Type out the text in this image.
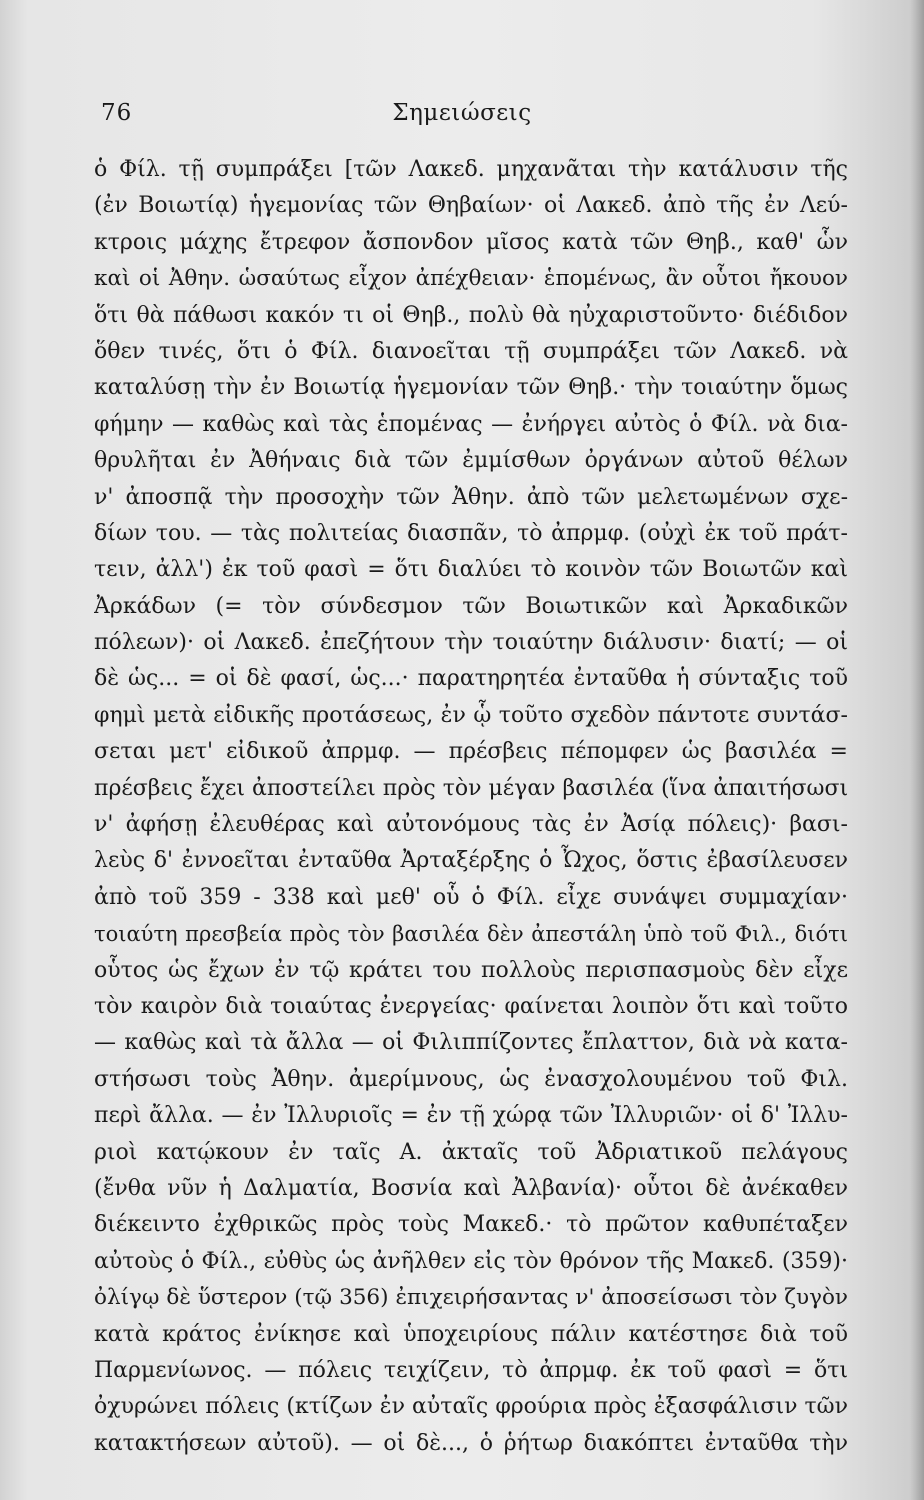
76	Σημειώσεις
ὁ Φίλ. τῇ συμπράξει [τῶν Λακεδ. μηχανᾶται τὴν κατάλυσιν τῆς
(ἐν Βοιωτίᾳ) ἡγεμονίας τῶν Θηβαίων· οἱ Λακεδ. ἀπὸ τῆς ἐν Λεύ-
κτροις μάχης ἔτρεφον ἄσπονδον μῖσος κατὰ τῶν Θηβ., καθ' ὧν
καὶ οἱ Ἀθην. ὡσαύτως εἶχον ἀπέχθειαν· ἑπομένως, ἂν οὗτοι ἤκουον
ὅτι θὰ πάθωσι κακόν τι οἱ Θηβ., πολὺ θὰ ηὐχαριστοῦντο· διέδιδον
ὅθεν τινές, ὅτι ὁ Φίλ. διανοεῖται τῇ συμπράξει τῶν Λακεδ. νὰ
καταλύσῃ τὴν ἐν Βοιωτίᾳ ἡγεμονίαν τῶν Θηβ.· τὴν τοιαύτην ὅμως
φήμην — καθὼς καὶ τὰς ἑπομένας — ἐνήργει αὐτὸς ὁ Φίλ. νὰ δια-
θρυλῆται ἐν Ἀθήναις διὰ τῶν ἐμμίσθων ὀργάνων αὐτοῦ θέλων
ν' ἀποσπᾷ τὴν προσοχὴν τῶν Ἀθην. ἀπὸ τῶν μελετωμένων σχε-
δίων του. — τὰς πολιτείας διασπᾶν, τὸ ἀπρμφ. (οὐχὶ ἐκ τοῦ πράτ-
τειν, ἀλλ') ἐκ τοῦ φασὶ = ὅτι διαλύει τὸ κοινὸν τῶν Βοιωτῶν καὶ
Ἀρκάδων (= τὸν σύνδεσμον τῶν Βοιωτικῶν καὶ Ἀρκαδικῶν
πόλεων)· οἱ Λακεδ. ἐπεζήτουν τὴν τοιαύτην διάλυσιν· διατί; — οἱ
δὲ ὡς... = οἱ δὲ φασί, ὡς...· παρατηρητέα ἐνταῦθα ἡ σύνταξις τοῦ
φημὶ μετὰ εἰδικῆς προτάσεως, ἐν ᾧ τοῦτο σχεδὸν πάντοτε συντάσ-
σεται μετ' εἰδικοῦ ἀπρμφ. — πρέσβεις πέπομφεν ὡς βασιλέα =
πρέσβεις ἔχει ἀποστείλει πρὸς τὸν μέγαν βασιλέα (ἵνα ἀπαιτήσωσι
ν' ἀφήσῃ ἐλευθέρας καὶ αὐτονόμους τὰς ἐν Ἀσίᾳ πόλεις)· βασι-
λεὺς δ' ἐννοεῖται ἐνταῦθα Ἀρταξέρξης ὁ Ὦχος, ὅστις ἐβασίλευσεν
ἀπὸ τοῦ 359 - 338 καὶ μεθ' οὗ ὁ Φίλ. εἶχε συνάψει συμμαχίαν·
τοιαύτη πρεσβεία πρὸς τὸν βασιλέα δὲν ἀπεστάλη ὑπὸ τοῦ Φιλ., διότι
οὗτος ὡς ἔχων ἐν τῷ κράτει του πολλοὺς περισπασμοὺς δὲν εἶχε
τὸν καιρὸν διὰ τοιαύτας ἐνεργείας· φαίνεται λοιπὸν ὅτι καὶ τοῦτο
— καθὼς καὶ τὰ ἄλλα — οἱ Φιλιππίζοντες ἔπλαττον, διὰ νὰ κατα-
στήσωσι τοὺς Ἀθην. ἀμερίμνους, ὡς ἐνασχολουμένου τοῦ Φιλ.
περὶ ἄλλα. — ἐν Ἰλλυριοῖς = ἐν τῇ χώρᾳ τῶν Ἰλλυριῶν· οἱ δ' Ἰλλυ-
ριοὶ κατῴκουν ἐν ταῖς Α. ἀκταῖς τοῦ Ἀδριατικοῦ πελάγους
(ἔνθα νῦν ἡ Δαλματία, Βοσνία καὶ Ἀλβανία)· οὗτοι δὲ ἀνέκαθεν
διέκειντο ἐχθρικῶς πρὸς τοὺς Μακεδ.· τὸ πρῶτον καθυπέταξεν
αὐτοὺς ὁ Φίλ., εὐθὺς ὡς ἀνῆλθεν εἰς τὸν θρόνον τῆς Μακεδ. (359)·
ὀλίγῳ δὲ ὕστερον (τῷ 356) ἐπιχειρήσαντας ν' ἀποσείσωσι τὸν ζυγὸν
κατὰ κράτος ἐνίκησε καὶ ὑποχειρίους πάλιν κατέστησε διὰ τοῦ
Παρμενίωνος. — πόλεις τειχίζειν, τὸ ἀπρμφ. ἐκ τοῦ φασὶ = ὅτι
ὀχυρώνει πόλεις (κτίζων ἐν αὐταῖς φρούρια πρὸς ἐξασφάλισιν τῶν
κατακτήσεων αὐτοῦ). — οἱ δὲ..., ὁ ῥήτωρ διακόπτει ἐνταῦθα τὴν
